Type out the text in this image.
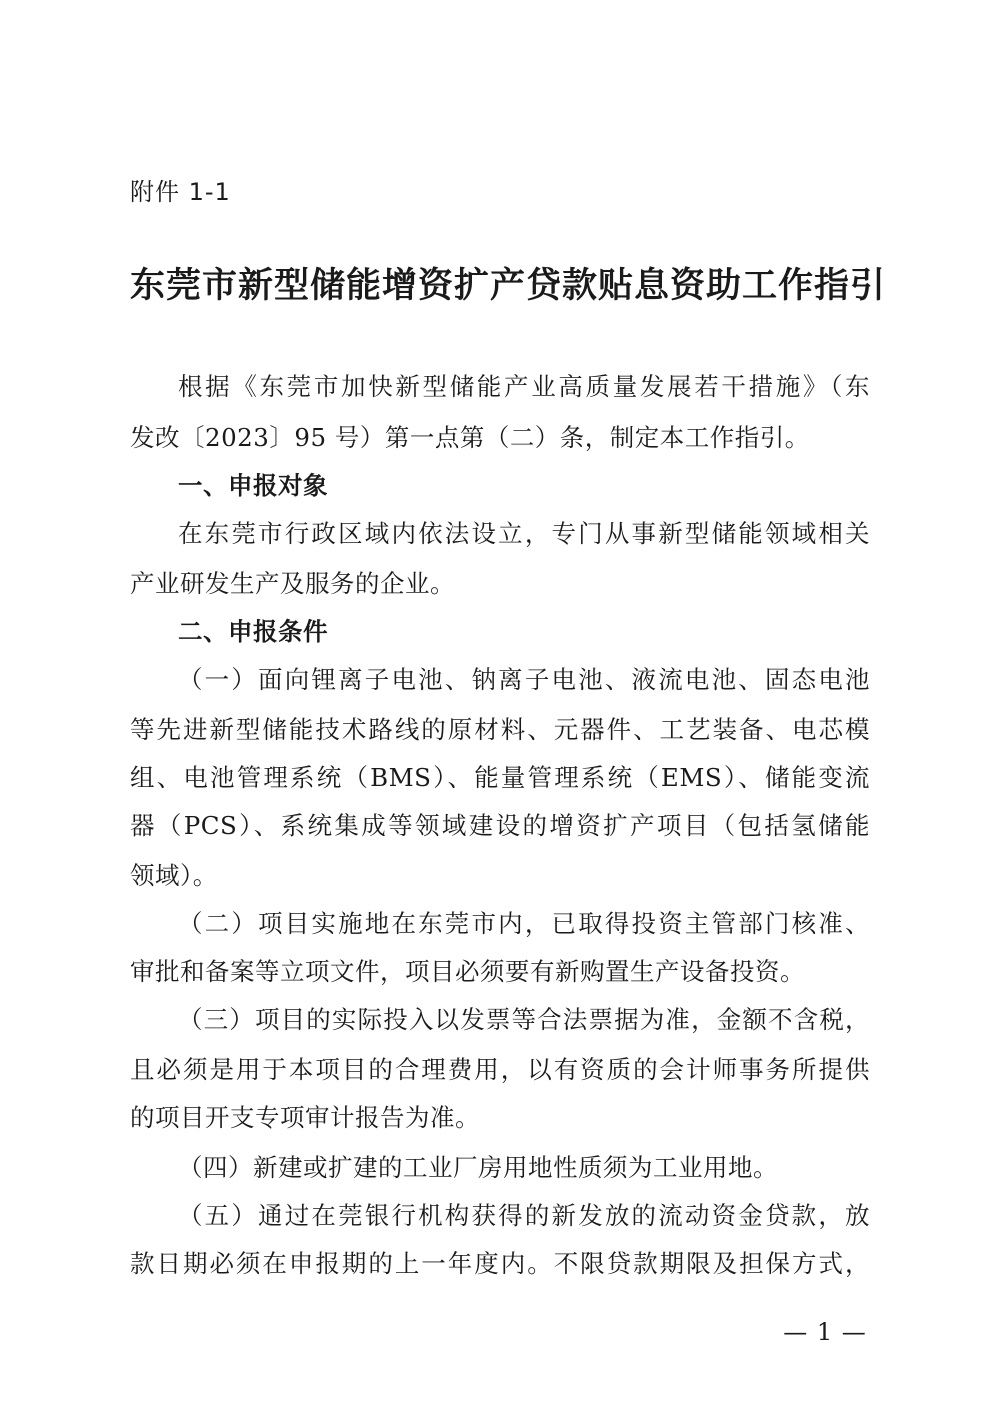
附件 1-1
东莞市新型储能增资扩产贷款贴息资助工作指引
根据《东莞市加快新型储能产业高质量发展若干措施》（东
发改〔2023〕95 号）第一点第（二）条，制定本工作指引。
一、申报对象
在东莞市行政区域内依法设立，专门从事新型储能领域相关
产业研发生产及服务的企业。
二、申报条件
（一）面向锂离子电池、钠离子电池、液流电池、固态电池
等先进新型储能技术路线的原材料、元器件、工艺装备、电芯模
组、电池管理系统（BMS）、能量管理系统（EMS）、储能变流
器（PCS）、系统集成等领域建设的增资扩产项目（包括氢储能
领域）。
（二）项目实施地在东莞市内，已取得投资主管部门核准、
审批和备案等立项文件，项目必须要有新购置生产设备投资。
（三）项目的实际投入以发票等合法票据为准，金额不含税，
且必须是用于本项目的合理费用，以有资质的会计师事务所提供
的项目开支专项审计报告为准。
（四）新建或扩建的工业厂房用地性质须为工业用地。
（五）通过在莞银行机构获得的新发放的流动资金贷款，放
款日期必须在申报期的上一年度内。不限贷款期限及担保方式，
— 1 —
